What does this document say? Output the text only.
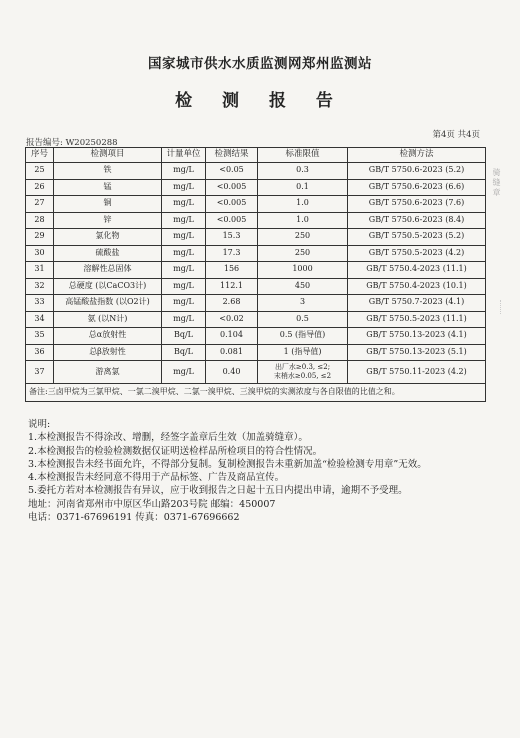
国家城市供水水质监测网郑州监测站
检 测 报 告
报告编号: W20250288
第4页 共4页
序号	检测项目	计量单位	检测结果	标准限值	检测方法
25	铁	mg/L	<0.05	0.3	GB/T 5750.6-2023 (5.2)
26	锰	mg/L	<0.005	0.1	GB/T 5750.6-2023 (6.6)
27	铜	mg/L	<0.005	1.0	GB/T 5750.6-2023 (7.6)
28	锌	mg/L	<0.005	1.0	GB/T 5750.6-2023 (8.4)
29	氯化物	mg/L	15.3	250	GB/T 5750.5-2023 (5.2)
30	硫酸盐	mg/L	17.3	250	GB/T 5750.5-2023 (4.2)
31	溶解性总固体	mg/L	156	1000	GB/T 5750.4-2023 (11.1)
32	总硬度 (以CaCO3计)	mg/L	112.1	450	GB/T 5750.4-2023 (10.1)
33	高锰酸盐指数 (以O2计)	mg/L	2.68	3	GB/T 5750.7-2023 (4.1)
34	氨 (以N计)	mg/L	<0.02	0.5	GB/T 5750.5-2023 (11.1)
35	总α放射性	Bq/L	0.104	0.5 (指导值)	GB/T 5750.13-2023 (4.1)
36	总β放射性	Bq/L	0.081	1 (指导值)	GB/T 5750.13-2023 (5.1)
37	游离氯	mg/L	0.40	出厂水≥0.3, ≤2;
末梢水≥0.05, ≤2	GB/T 5750.11-2023 (4.2)
备注:三卤甲烷为三氯甲烷、一氯二溴甲烷、二氯一溴甲烷、三溴甲烷的实测浓度与各自限值的比值之和。					
说明:
1.本检测报告不得涂改、增删，经签字盖章后生效（加盖骑缝章）。
2.本检测报告的检验检测数据仅证明送检样品所检项目的符合性情况。
3.本检测报告未经书面允许，不得部分复制。复制检测报告未重新加盖“检验检测专用章”无效。
4.本检测报告未经同意不得用于产品标签、广告及商品宣传。
5.委托方若对本检测报告有异议，应于收到报告之日起十五日内提出申请，逾期不予受理。
地址：河南省郑州市中原区华山路203号院 邮编：450007
电话：0371-67696191 传真：0371-67696662
骑缝章
